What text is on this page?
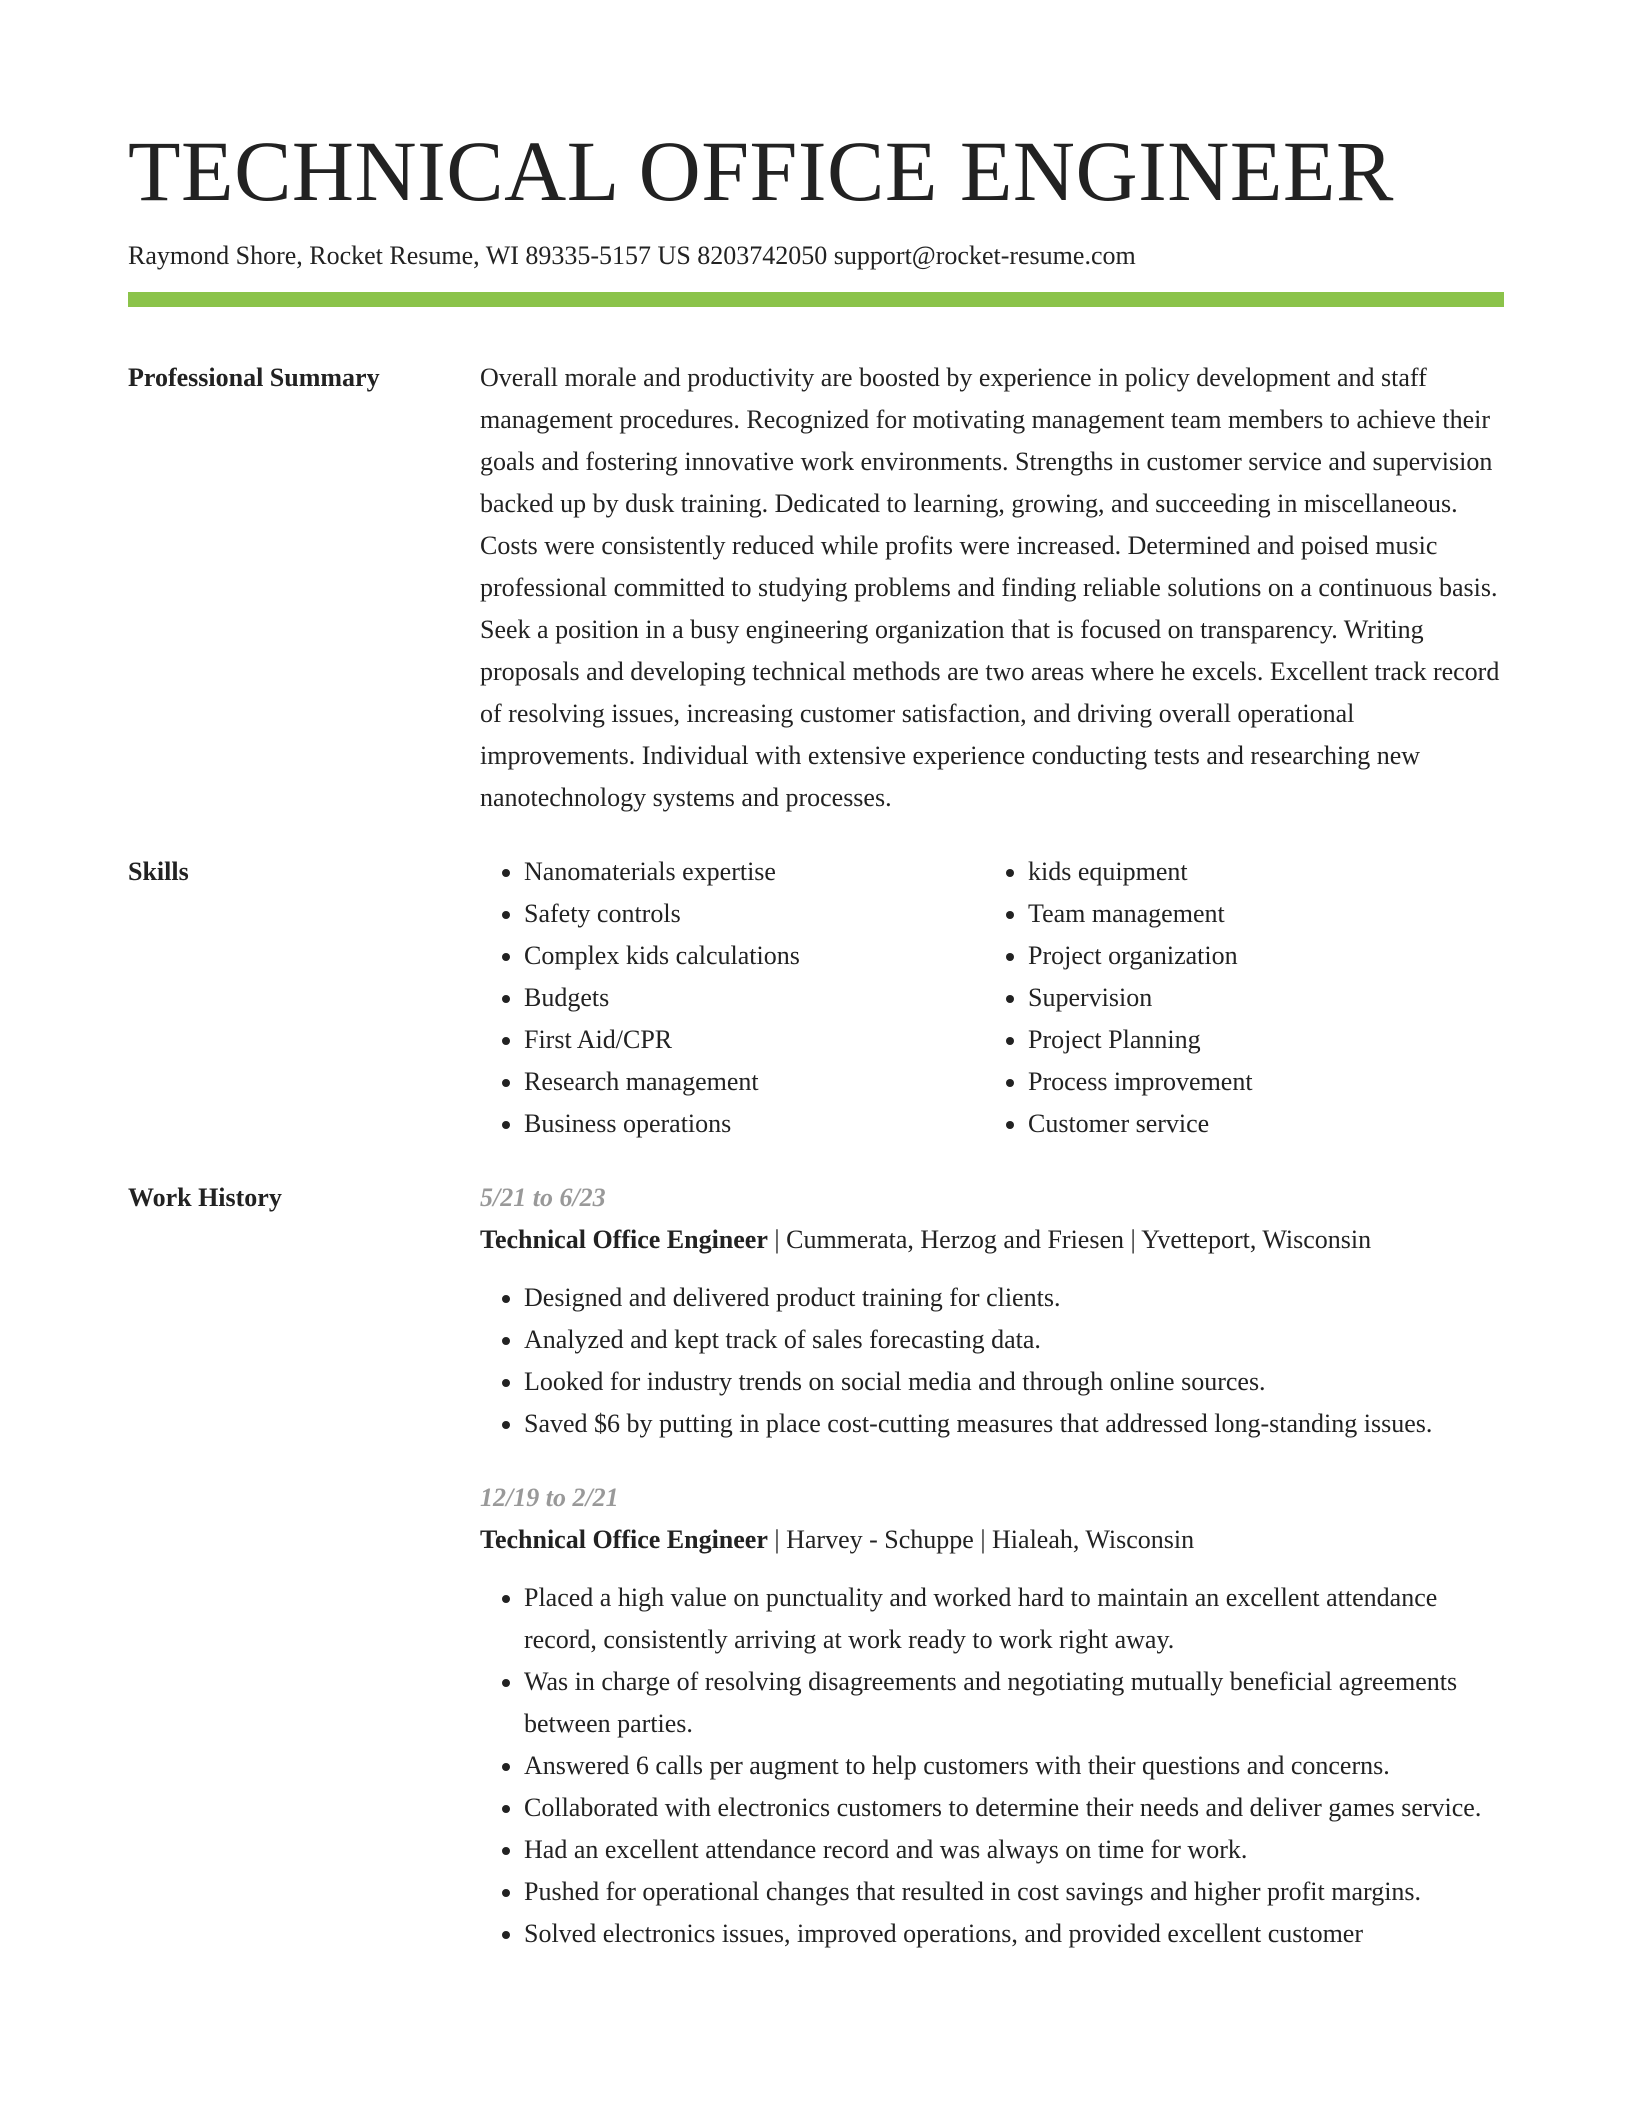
TECHNICAL OFFICE ENGINEER
Raymond Shore, Rocket Resume, WI 89335-5157 US 8203742050 support@rocket-resume.com
Professional Summary	Overall morale and productivity are boosted by experience in policy development and staff management procedures. Recognized for motivating management team members to achieve their goals and fostering innovative work environments. Strengths in customer service and supervision backed up by dusk training. Dedicated to learning, growing, and succeeding in miscellaneous. Costs were consistently reduced while profits were increased. Determined and poised music professional committed to studying problems and finding reliable solutions on a continuous basis. Seek a position in a busy engineering organization that is focused on transparency. Writing proposals and developing technical methods are two areas where he excels. Excellent track record of resolving issues, increasing customer satisfaction, and driving overall operational improvements. Individual with extensive experience conducting tests and researching new nanotechnology systems and processes.

Skills
•	Nanomaterials expertise
• Safety controls
• Complex kids calculations
• Budgets
• First Aid/CPR
• Research management
• Business operations
• kids equipment
• Team management
• Project organization
• Supervision
• Project Planning
• Process improvement
• Customer service
Work History	5/21 to 6/23
Technical Office Engineer | Cummerata, Herzog and Friesen | Yvetteport, Wisconsin
• Designed and delivered product training for clients.
• Analyzed and kept track of sales forecasting data.
• Looked for industry trends on social media and through online sources.
• Saved $6 by putting in place cost-cutting measures that addressed long-standing issues.
12/19 to 2/21
Technical Office Engineer | Harvey - Schuppe | Hialeah, Wisconsin
• Placed a high value on punctuality and worked hard to maintain an excellent attendance record, consistently arriving at work ready to work right away.
• Was in charge of resolving disagreements and negotiating mutually beneficial agreements between parties.
• Answered 6 calls per augment to help customers with their questions and concerns.
• Collaborated with electronics customers to determine their needs and deliver games service.
• Had an excellent attendance record and was always on time for work.
• Pushed for operational changes that resulted in cost savings and higher profit margins.
• Solved electronics issues, improved operations, and provided excellent customer
